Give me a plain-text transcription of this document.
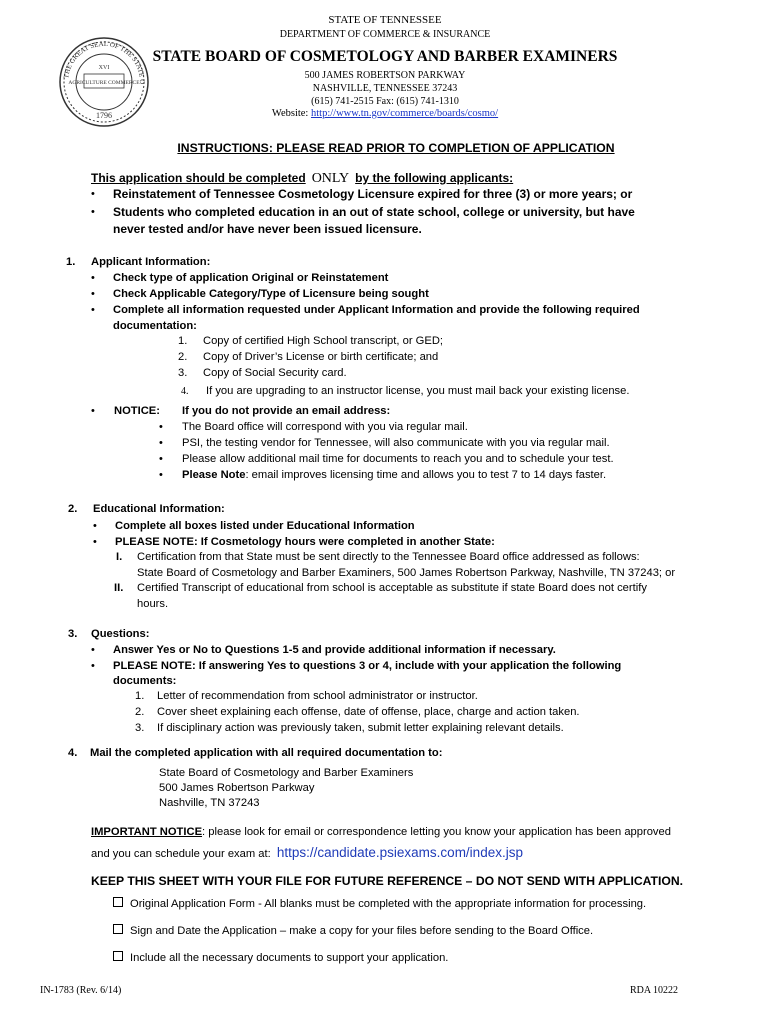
THE GREAT SEAL OF THE STATE O
XVI
AGRICULTURE COMMERCE
1796
STATE OF TENNESSEE
DEPARTMENT OF COMMERCE & INSURANCE
STATE BOARD OF COSMETOLOGY AND BARBER EXAMINERS
500 JAMES ROBERTSON PARKWAY
NASHVILLE, TENNESSEE 37243
(615) 741-2515 Fax: (615) 741-1310
Website: http://www.tn.gov/commerce/boards/cosmo/
INSTRUCTIONS: PLEASE READ PRIOR TO COMPLETION OF APPLICATION
This application should be completed ONLY by the following applicants:
• Reinstatement of Tennessee Cosmetology Licensure expired for three (3) or more years; or
• Students who completed education in an out of state school, college or university, but have
never tested and/or have never been issued licensure.
1. Applicant Information:
• Check type of application Original or Reinstatement
• Check Applicable Category/Type of Licensure being sought
• Complete all information requested under Applicant Information and provide the following required
documentation:
1. Copy of certified High School transcript, or GED;
2. Copy of Driver’s License or birth certificate; and
3. Copy of Social Security card.
4. If you are upgrading to an instructor license, you must mail back your existing license.
• NOTICE: If you do not provide an email address:
• The Board office will correspond with you via regular mail.
• PSI, the testing vendor for Tennessee, will also communicate with you via regular mail.
• Please allow additional mail time for documents to reach you and to schedule your test.
• Please Note: email improves licensing time and allows you to test 7 to 14 days faster.
2. Educational Information:
• Complete all boxes listed under Educational Information
• PLEASE NOTE: If Cosmetology hours were completed in another State:
I. Certification from that State must be sent directly to the Tennessee Board office addressed as follows:
State Board of Cosmetology and Barber Examiners, 500 James Robertson Parkway, Nashville, TN 37243; or
II. Certified Transcript of educational from school is acceptable as substitute if state Board does not certify
hours.
3. Questions:
• Answer Yes or No to Questions 1-5 and provide additional information if necessary.
• PLEASE NOTE: If answering Yes to questions 3 or 4, include with your application the following
documents:
1. Letter of recommendation from school administrator or instructor.
2. Cover sheet explaining each offense, date of offense, place, charge and action taken.
3. If disciplinary action was previously taken, submit letter explaining relevant details.
4. Mail the completed application with all required documentation to:
State Board of Cosmetology and Barber Examiners
500 James Robertson Parkway
Nashville, TN 37243
IMPORTANT NOTICE: please look for email or correspondence letting you know your application has been approved
and you can schedule your exam at: https://candidate.psiexams.com/index.jsp
KEEP THIS SHEET WITH YOUR FILE FOR FUTURE REFERENCE – DO NOT SEND WITH APPLICATION.
Original Application Form - All blanks must be completed with the appropriate information for processing.
Sign and Date the Application – make a copy for your files before sending to the Board Office.
Include all the necessary documents to support your application.
IN-1783 (Rev. 6/14)	RDA 10222
